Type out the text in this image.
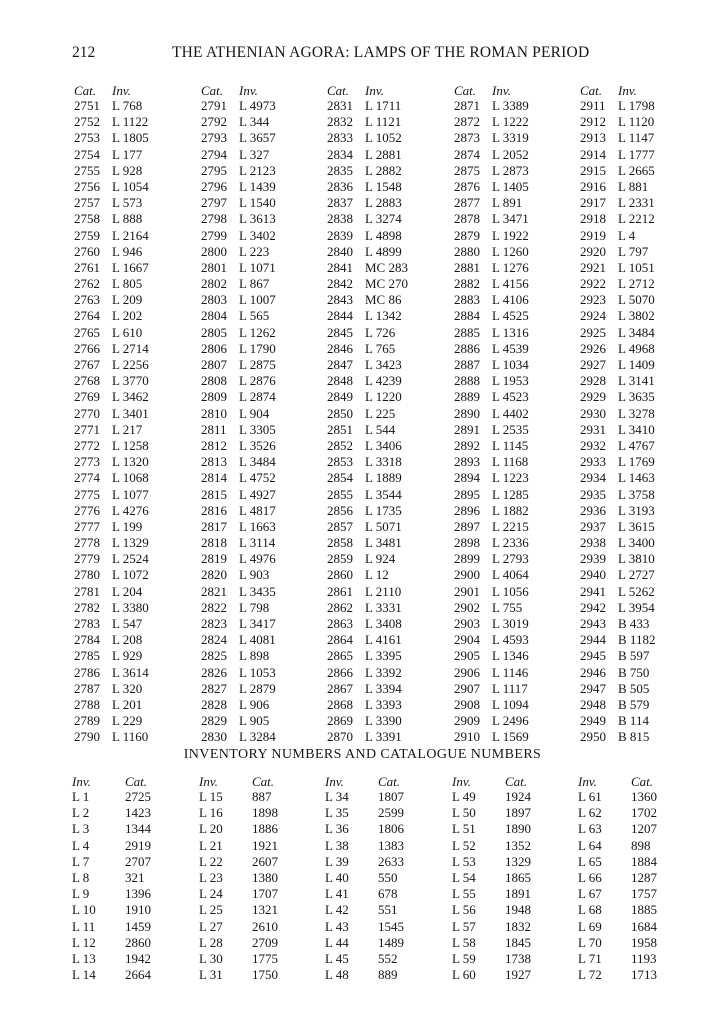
212	THE ATHENIAN AGORA: LAMPS OF THE ROMAN PERIOD
Cat. Inv.
2751 L 768
2752 L 1122
2753 L 1805
2754 L 177
2755 L 928
2756 L 1054
2757 L 573
2758 L 888
2759 L 2164
2760 L 946
2761 L 1667
2762 L 805
2763 L 209
2764 L 202
2765 L 610
2766 L 2714
2767 L 2256
2768 L 3770
2769 L 3462
2770 L 3401
2771 L 217
2772 L 1258
2773 L 1320
2774 L 1068
2775 L 1077
2776 L 4276
2777 L 199
2778 L 1329
2779 L 2524
2780 L 1072
2781 L 204
2782 L 3380
2783 L 547
2784 L 208
2785 L 929
2786 L 3614
2787 L 320
2788 L 201
2789 L 229
2790 L 1160
Cat. Inv.
2791 L 4973
2792 L 344
2793 L 3657
2794 L 327
2795 L 2123
2796 L 1439
2797 L 1540
2798 L 3613
2799 L 3402
2800 L 223
2801 L 1071
2802 L 867
2803 L 1007
2804 L 565
2805 L 1262
2806 L 1790
2807 L 2875
2808 L 2876
2809 L 2874
2810 L 904
2811 L 3305
2812 L 3526
2813 L 3484
2814 L 4752
2815 L 4927
2816 L 4817
2817 L 1663
2818 L 3114
2819 L 4976
2820 L 903
2821 L 3435
2822 L 798
2823 L 3417
2824 L 4081
2825 L 898
2826 L 1053
2827 L 2879
2828 L 906
2829 L 905
2830 L 3284
Cat. Inv.
2831 L 1711
2832 L 1121
2833 L 1052
2834 L 2881
2835 L 2882
2836 L 1548
2837 L 2883
2838 L 3274
2839 L 4898
2840 L 4899
2841 MC 283
2842 MC 270
2843 MC 86
2844 L 1342
2845 L 726
2846 L 765
2847 L 3423
2848 L 4239
2849 L 1220
2850 L 225
2851 L 544
2852 L 3406
2853 L 3318
2854 L 1889
2855 L 3544
2856 L 1735
2857 L 5071
2858 L 3481
2859 L 924
2860 L 12
2861 L 2110
2862 L 3331
2863 L 3408
2864 L 4161
2865 L 3395
2866 L 3392
2867 L 3394
2868 L 3393
2869 L 3390
2870 L 3391
Cat. Inv.
2871 L 3389
2872 L 1222
2873 L 3319
2874 L 2052
2875 L 2873
2876 L 1405
2877 L 891
2878 L 3471
2879 L 1922
2880 L 1260
2881 L 1276
2882 L 4156
2883 L 4106
2884 L 4525
2885 L 1316
2886 L 4539
2887 L 1034
2888 L 1953
2889 L 4523
2890 L 4402
2891 L 2535
2892 L 1145
2893 L 1168
2894 L 1223
2895 L 1285
2896 L 1882
2897 L 2215
2898 L 2336
2899 L 2793
2900 L 4064
2901 L 1056
2902 L 755
2903 L 3019
2904 L 4593
2905 L 1346
2906 L 1146
2907 L 1117
2908 L 1094
2909 L 2496
2910 L 1569
Cat. Inv.
2911 L 1798
2912 L 1120
2913 L 1147
2914 L 1777
2915 L 2665
2916 L 881
2917 L 2331
2918 L 2212
2919 L 4
2920 L 797
2921 L 1051
2922 L 2712
2923 L 5070
2924 L 3802
2925 L 3484
2926 L 4968
2927 L 1409
2928 L 3141
2929 L 3635
2930 L 3278
2931 L 3410
2932 L 4767
2933 L 1769
2934 L 1463
2935 L 3758
2936 L 3193
2937 L 3615
2938 L 3400
2939 L 3810
2940 L 2727
2941 L 5262
2942 L 3954
2943 B 433
2944 B 1182
2945 B 597
2946 B 750
2947 B 505
2948 B 579
2949 B 114
2950 B 815
INVENTORY NUMBERS AND CATALOGUE NUMBERS
Inv.	Cat.
L 1	2725
L 2	1423
L 3	1344
L 4	2919
L 7	2707
L 8	321
L 9	1396
L 10 1910
L 11 1459
L 12 2860
L 13 1942
L 14 2664
Inv.	Cat.
L 15 887
L 16 1898
L 20 1886
L 21 1921
L 22 2607
L 23 1380
L 24 1707
L 25 1321
L 27 2610
L 28 2709
L 30 1775
L 31 1750
Inv.	Cat.
L 34 1807
L 35 2599
L 36 1806
L 38 1383
L 39 2633
L 40 550
L 41 678
L 42 551
L 43 1545
L 44 1489
L 45 552
L 48 889
Inv.	Cat.
L 49 1924
L 50 1897
L 51 1890
L 52 1352
L 53 1329
L 54 1865
L 55 1891
L 56 1948
L 57 1832
L 58 1845
L 59 1738
L 60 1927
Inv.	Cat.
L 61 1360
L 62 1702
L 63 1207
L 64 898
L 65 1884
L 66 1287
L 67 1757
L 68 1885
L 69 1684
L 70 1958
L 71 1193
L 72 1713
